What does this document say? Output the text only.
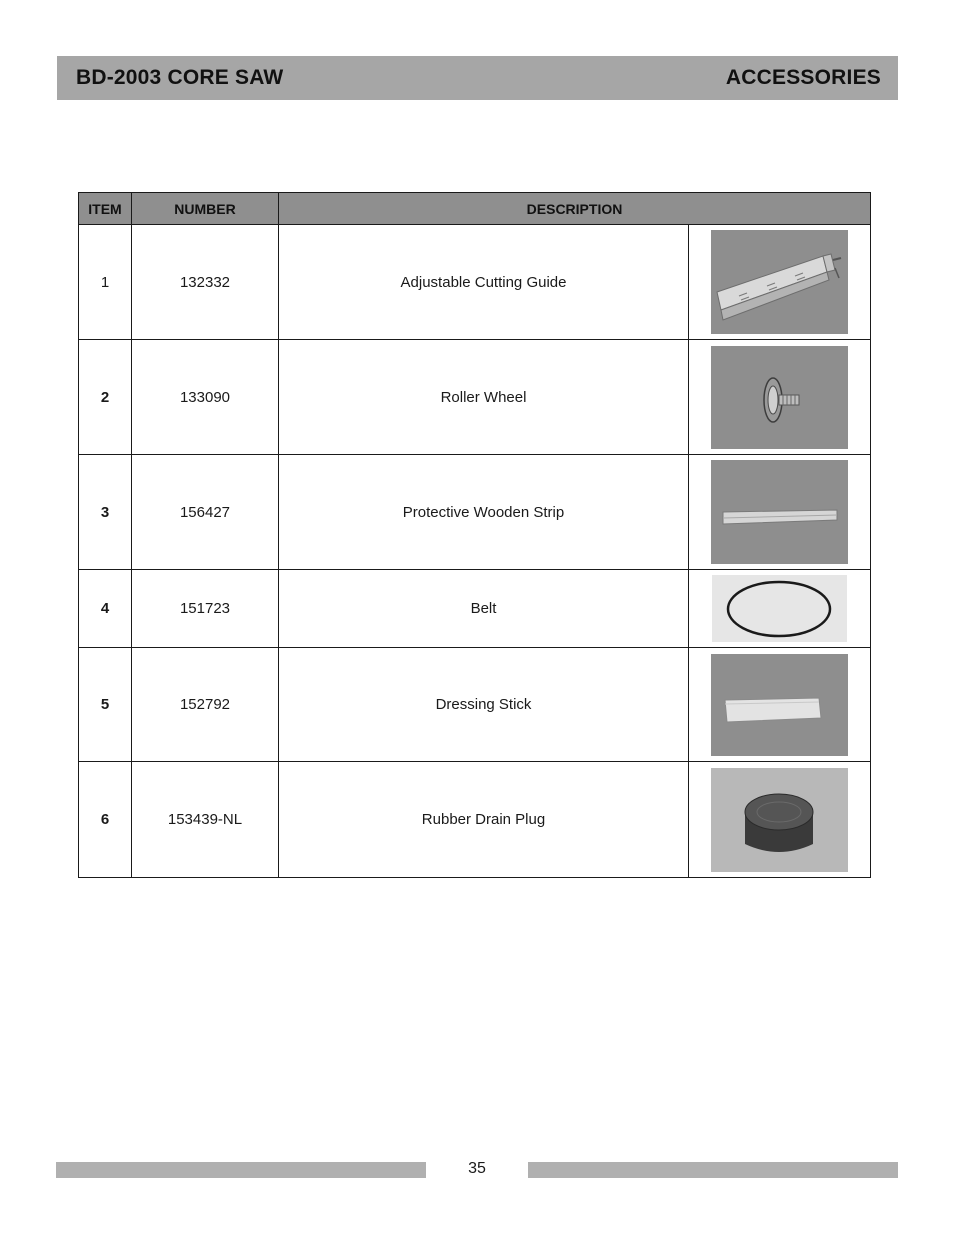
BD-2003 CORE SAW	ACCESSORIES
ITEM	NUMBER	DESCRIPTION	
1	132332	Adjustable Cutting Guide	

2	133090	Roller Wheel	

3	156427	Protective Wooden Strip	

4	151723	Belt	

5	152792	Dressing Stick	

6	153439-NL	Rubber Drain Plug	
35
